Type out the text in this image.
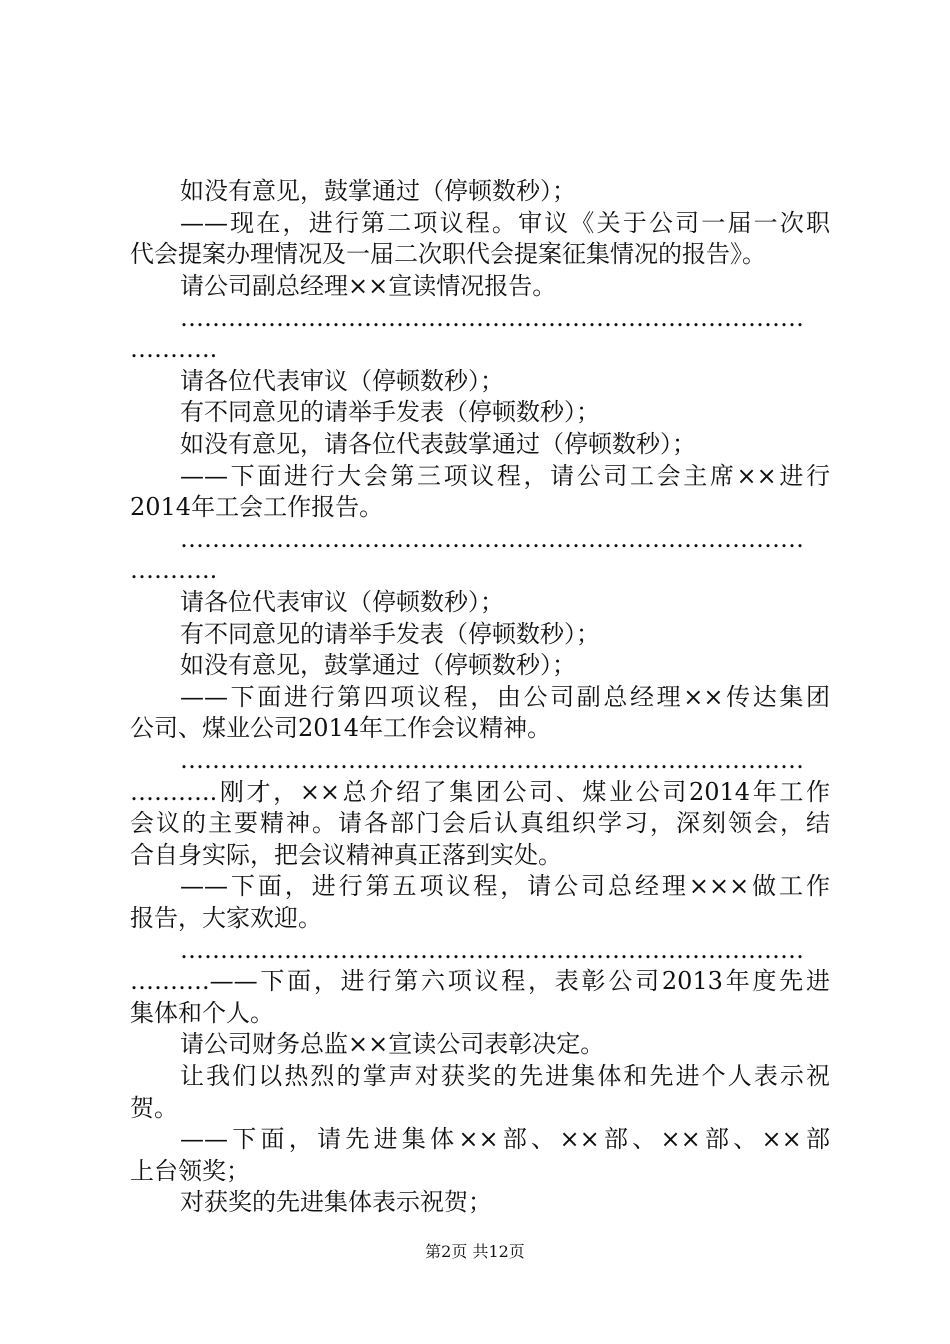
如没有意见，鼓掌通过（停顿数秒）；
——现在，进行第二项议程。审议《关于公司一届一次职
代会提案办理情况及一届二次职代会提案征集情况的报告》。
请公司副总经理××宣读情况报告。
……………………………………………………………………
………..
请各位代表审议（停顿数秒）；
有不同意见的请举手发表（停顿数秒）；
如没有意见，请各位代表鼓掌通过（停顿数秒）；
——下面进行大会第三项议程，请公司工会主席××进行
2014年工会工作报告。
……………………………………………………………………
………..
请各位代表审议（停顿数秒）；
有不同意见的请举手发表（停顿数秒）；
如没有意见，鼓掌通过（停顿数秒）；
——下面进行第四项议程，由公司副总经理××传达集团
公司、煤业公司2014年工作会议精神。
……………………………………………………………………
………..刚才，××总介绍了集团公司、煤业公司2014年工作
会议的主要精神。请各部门会后认真组织学习，深刻领会，结
合自身实际，把会议精神真正落到实处。
——下面，进行第五项议程，请公司总经理×××做工作
报告，大家欢迎。
……………………………………………………………………
……….——下面，进行第六项议程，表彰公司2013年度先进
集体和个人。
请公司财务总监××宣读公司表彰决定。
让我们以热烈的掌声对获奖的先进集体和先进个人表示祝
贺。
——下面，请先进集体××部、××部、××部、××部
上台领奖；
对获奖的先进集体表示祝贺；
第2页 共12页
